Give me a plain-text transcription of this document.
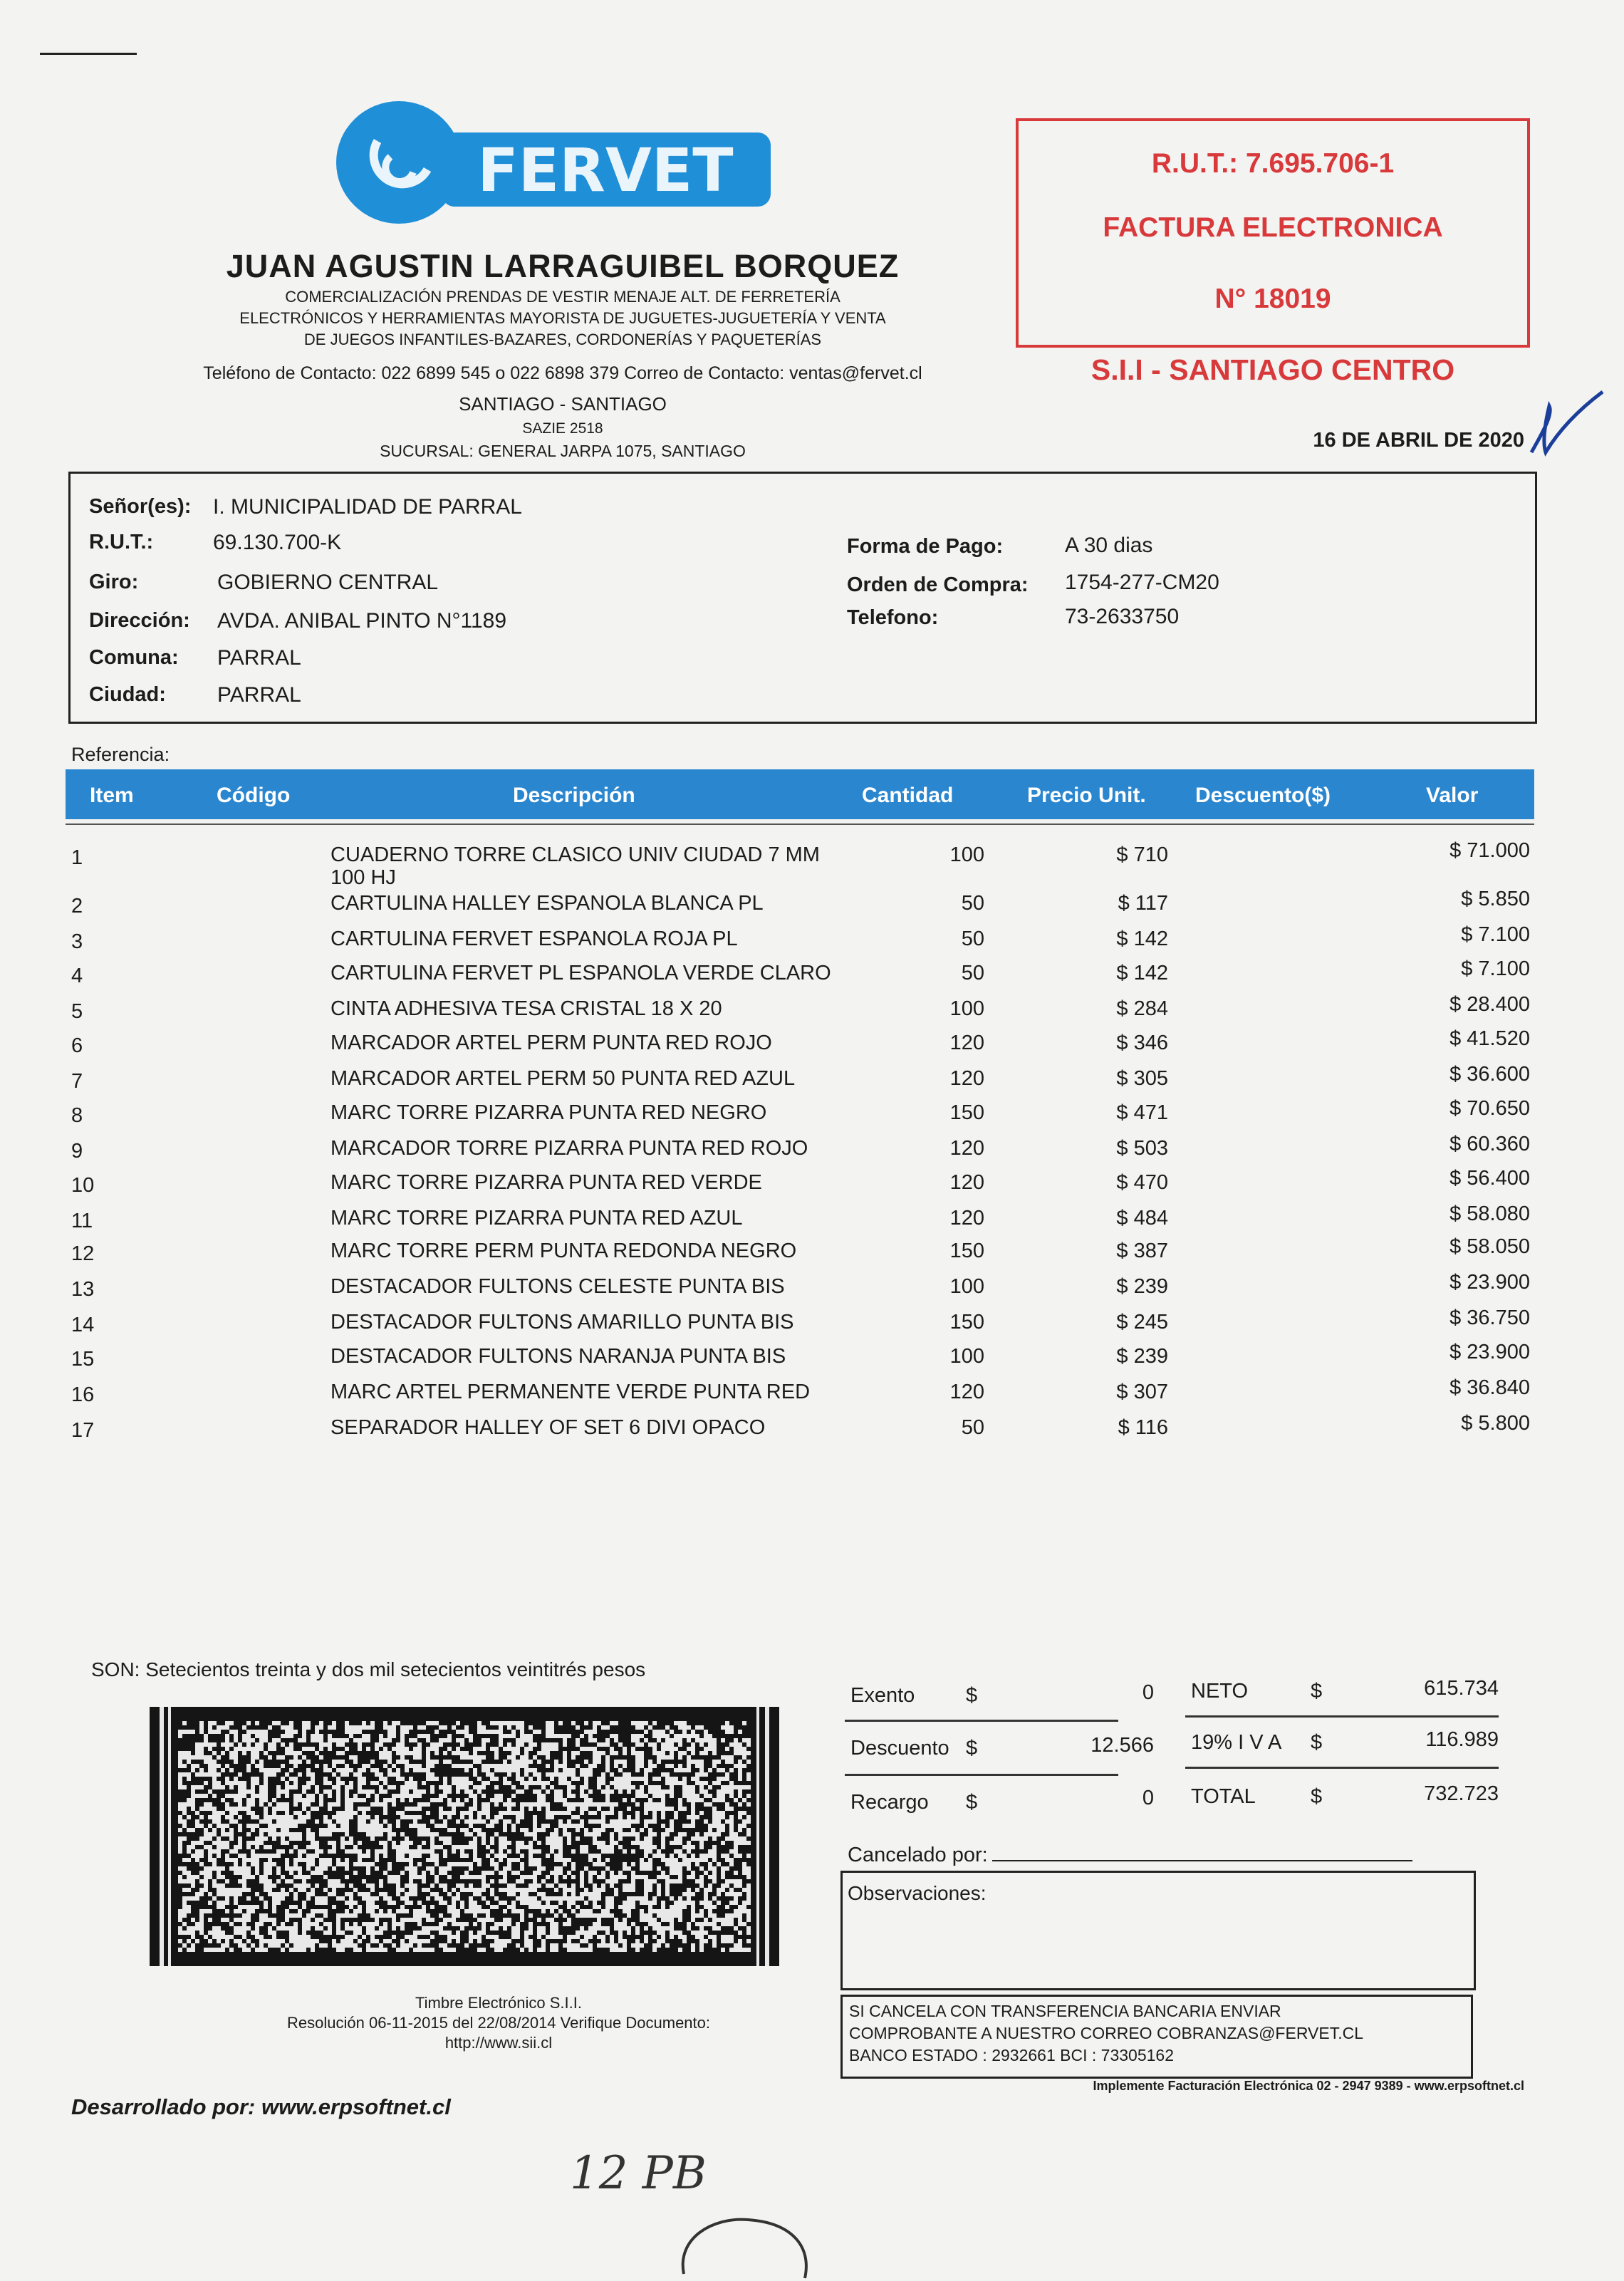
FERVET
JUAN AGUSTIN LARRAGUIBEL BORQUEZ
COMERCIALIZACIÓN PRENDAS DE VESTIR MENAJE ALT. DE FERRETERÍA
ELECTRÓNICOS Y HERRAMIENTAS MAYORISTA DE JUGUETES-JUGUETERÍA Y VENTA
DE JUEGOS INFANTILES-BAZARES, CORDONERÍAS Y PAQUETERÍAS
Teléfono de Contacto: 022 6899 545 o 022 6898 379 Correo de Contacto: ventas@fervet.cl
SANTIAGO - SANTIAGO
SAZIE 2518
SUCURSAL: GENERAL JARPA 1075, SANTIAGO
R.U.T.: 7.695.706-1
FACTURA ELECTRONICA
N° 18019
S.I.I - SANTIAGO CENTRO
16 DE ABRIL DE 2020
Señor(es): I. MUNICIPALIDAD DE PARRAL
R.U.T.:	69.130.700-K
Giro:	GOBIERNO CENTRAL
Dirección: AVDA. ANIBAL PINTO N°1189
Comuna: PARRAL
Ciudad: PARRAL
Forma de Pago:	A 30 dias
Orden de Compra: 1754-277-CM20
Telefono:	73-2633750
Referencia:
Item	Código	Descripción	Cantidad	Precio Unit. Descuento($)	Valor
1	CUADERNO TORRE CLASICO UNIV CIUDAD 7 MM
100 HJ
100	$ 710	$ 71.000
2	CARTULINA HALLEY ESPANOLA BLANCA PL	50	$ 117	$ 5.850
3	CARTULINA FERVET ESPANOLA ROJA PL	50	$ 142	$ 7.100
4	CARTULINA FERVET PL ESPANOLA VERDE CLARO	50	$ 142	$ 7.100
5	CINTA ADHESIVA TESA CRISTAL 18 X 20	100	$ 284	$ 28.400
6	MARCADOR ARTEL PERM PUNTA RED ROJO	120	$ 346	$ 41.520
7	MARCADOR ARTEL PERM 50 PUNTA RED AZUL	120	$ 305	$ 36.600
8	MARC TORRE PIZARRA PUNTA RED NEGRO	150	$ 471	$ 70.650
9	MARCADOR TORRE PIZARRA PUNTA RED ROJO	120	$ 503	$ 60.360
10	MARC TORRE PIZARRA PUNTA RED VERDE	120	$ 470	$ 56.400
11	MARC TORRE PIZARRA PUNTA RED AZUL	120	$ 484	$ 58.080
12	MARC TORRE PERM PUNTA REDONDA NEGRO	150	$ 387	$ 58.050
13	DESTACADOR FULTONS CELESTE PUNTA BIS	100	$ 239	$ 23.900
14	DESTACADOR FULTONS AMARILLO PUNTA BIS	150	$ 245	$ 36.750
15	DESTACADOR FULTONS NARANJA PUNTA BIS	100	$ 239	$ 23.900
16	MARC ARTEL PERMANENTE VERDE PUNTA RED	120	$ 307	$ 36.840
17	SEPARADOR HALLEY OF SET 6 DIVI OPACO	50	$ 116	$ 5.800
SON: Setecientos treinta y dos mil setecientos veintitrés pesos
Timbre Electrónico S.I.I.
Resolución 06-11-2015 del 22/08/2014 Verifique Documento:
http://www.sii.cl
Desarrollado por: www.erpsoftnet.cl
Exento $	0
Descuento $	12.566
Recargo $	0
NETO	$	615.734
19% I V A $	116.989
TOTAL	$	732.723
Cancelado por:
Observaciones:
SI CANCELA CON TRANSFERENCIA BANCARIA ENVIAR
COMPROBANTE A NUESTRO CORREO COBRANZAS@FERVET.CL
BANCO ESTADO : 2932661 BCI : 73305162
Implemente Facturación Electrónica 02 - 2947 9389 - www.erpsoftnet.cl
12 PB
